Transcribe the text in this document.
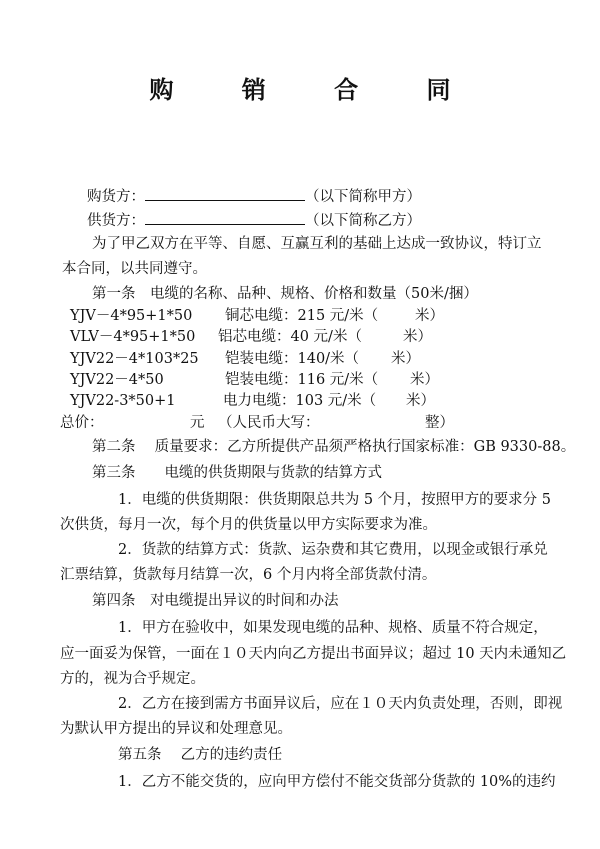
购 销 合 同
购货方：	（以下简称甲方）
供货方：	（以下简称乙方）
为了甲乙双方在平等、自愿、互赢互利的基础上达成一致协议，特订立
本合同，以共同遵守。
第一条　电缆的名称、品种、规格、价格和数量（50米/捆）
YJV－4*95+1*50 铜芯电缆：215 元/米（	米）
VLV－4*95+1*50 铝芯电缆：40 元/米（	米）
YJV22－4*103*25 铠装电缆：140/米（ 米）
YJV22－4*50	铠装电缆：116 元/米（ 米）
YJV22-3*50+1	电力电缆：103 元/米（ 米）
总价：	元 （人民币大写：	整）
第二条　 质量要求：乙方所提供产品须严格执行国家标准：GB 9330-88。
第三条　　电缆的供货期限与货款的结算方式
1．电缆的供货期限：供货期限总共为 5 个月，按照甲方的要求分 5
次供货，每月一次，每个月的供货量以甲方实际要求为准。
2．货款的结算方式：货款、运杂费和其它费用，以现金或银行承兑
汇票结算，货款每月结算一次，6 个月内将全部货款付清。
第四条　对电缆提出异议的时间和办法
1．甲方在验收中，如果发现电缆的品种、规格、质量不符合规定，
应一面妥为保管，一面在１０天内向乙方提出书面异议；超过 10 天内未通知乙
方的，视为合乎规定。
2．乙方在接到需方书面异议后，应在１０天内负责处理，否则，即视
为默认甲方提出的异议和处理意见。
第五条　 乙方的违约责任
1．乙方不能交货的，应向甲方偿付不能交货部分货款的 10%的违约
